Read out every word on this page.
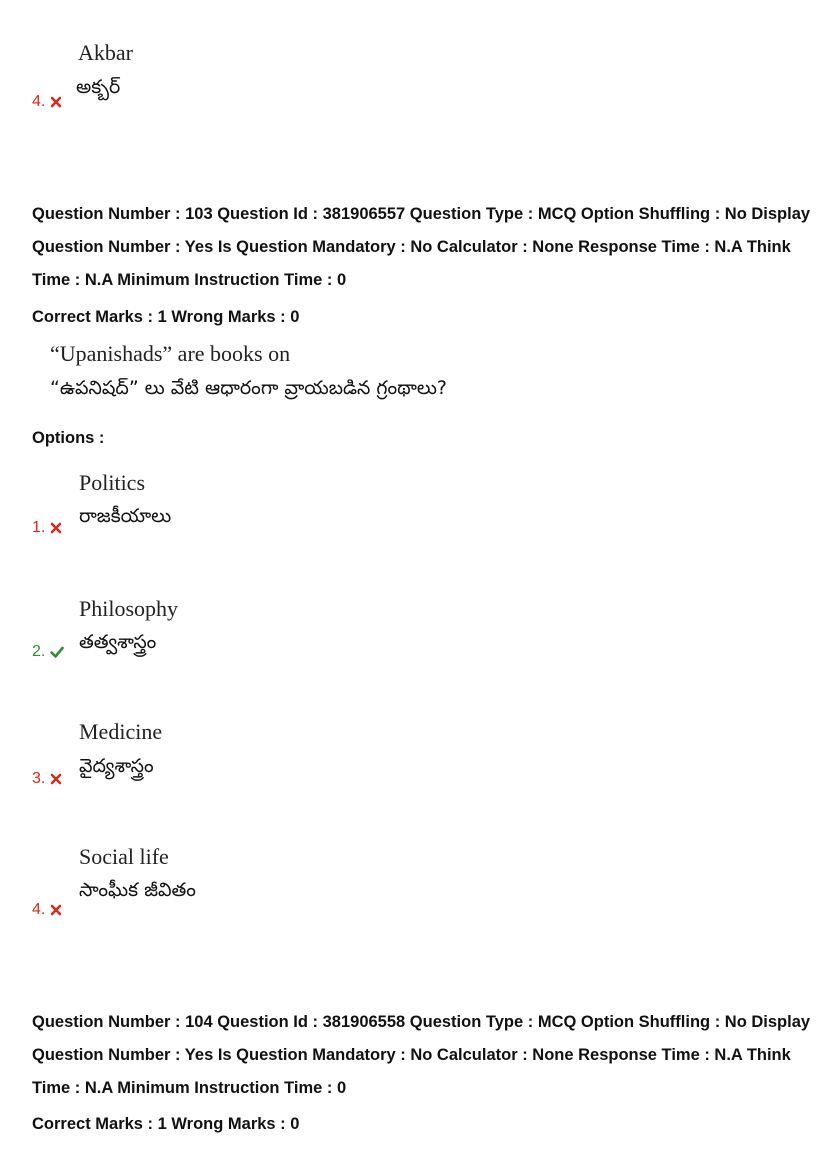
Akbar
అక్బర్
4.
Question Number : 103 Question Id : 381906557 Question Type : MCQ Option Shuffling : No Display Question Number : Yes Is Question Mandatory : No Calculator : None Response Time : N.A Think Time : N.A Minimum Instruction Time : 0
Correct Marks : 1 Wrong Marks : 0
“Upanishads” are books on
“ఉపనిషద్” లు వేటి ఆధారంగా వ్రాయబడిన గ్రంథాలు?
Options :
Politics
రాజకీయాలు
1.
Philosophy
తత్వశాస్త్రం
2.
Medicine
వైద్యశాస్త్రం
3.
Social life
సాంఘీక జీవితం
4.
Question Number : 104 Question Id : 381906558 Question Type : MCQ Option Shuffling : No Display Question Number : Yes Is Question Mandatory : No Calculator : None Response Time : N.A Think Time : N.A Minimum Instruction Time : 0
Correct Marks : 1 Wrong Marks : 0
